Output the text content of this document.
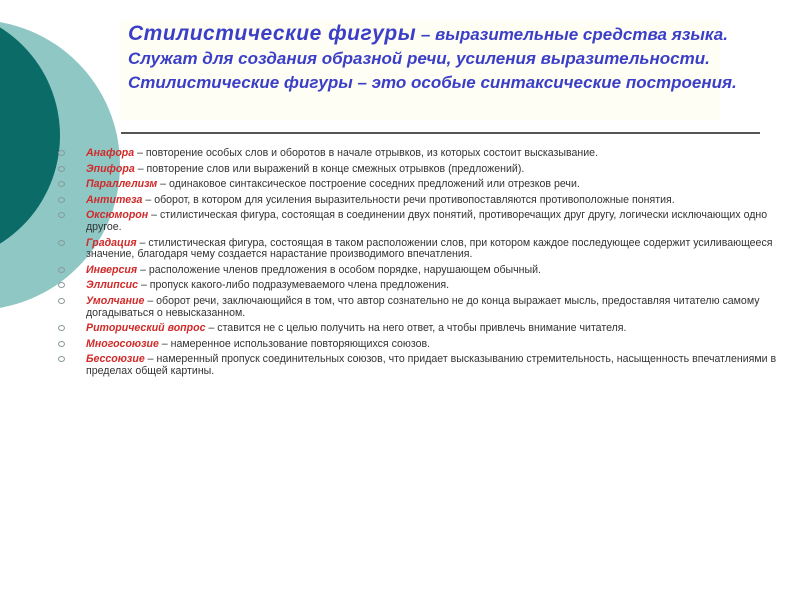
Стилистические фигуры – выразительные средства языка. Служат для создания образной речи, усиления выразительности. Стилистические фигуры – это особые синтаксические построения.
Анафора – повторение особых слов и оборотов в начале отрывков, из которых состоит высказывание.
Эпифора – повторение слов или выражений в конце смежных отрывков (предложений).
Параллелизм – одинаковое синтаксическое построение соседних предложений или отрезков речи.
Антитеза – оборот, в котором для усиления выразительности речи противопоставляются противоположные понятия.
Оксюморон – стилистическая фигура, состоящая в соединении двух понятий, противоречащих друг другу, логически исключающих одно другое.
Градация – стилистическая фигура, состоящая в таком расположении слов, при котором каждое последующее содержит усиливающееся значение, благодаря чему создается нарастание производимого впечатления.
Инверсия – расположение членов предложения в особом порядке, нарушающем обычный.
Эллипсис – пропуск какого-либо подразумеваемого члена предложения.
Умолчание – оборот речи, заключающийся в том, что автор сознательно не до конца выражает мысль, предоставляя читателю самому догадываться о невысказанном.
Риторический вопрос – ставится не с целью получить на него ответ, а чтобы привлечь внимание читателя.
Многосоюзие – намеренное использование повторяющихся союзов.
Бессоюзие – намеренный пропуск соединительных союзов, что придает высказыванию стремительность, насыщенность впечатлениями в пределах общей картины.
